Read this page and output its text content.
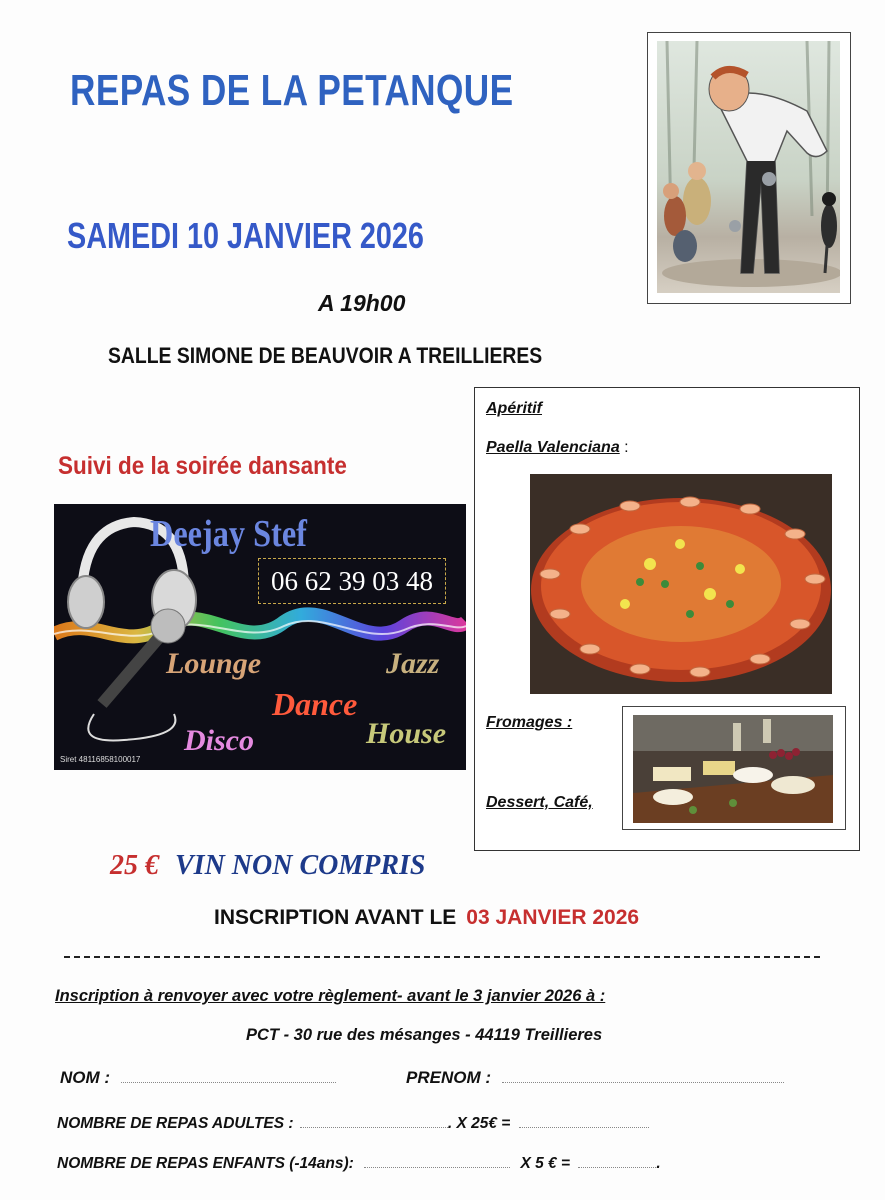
REPAS DE LA PETANQUE
SAMEDI 10 JANVIER 2026
A 19h00
SALLE SIMONE DE BEAUVOIR A TREILLIERES
Suivi de la soirée dansante
Deejay Stef
06 62 39 03 48
Lounge	Jazz
Dance
Disco	House
Siret 48116858100017
Apéritif
Paella Valenciana :
Fromages :
Dessert, Café,
25 € VIN NON COMPRIS
INSCRIPTION AVANT LE 03 JANVIER 2026
Inscription à renvoyer avec votre règlement- avant le 3 janvier 2026 à :
PCT - 30 rue des mésanges - 44119 Treillieres
NOM :	PRENOM :
NOMBRE DE REPAS ADULTES :	. X 25€ =
NOMBRE DE REPAS ENFANTS (-14ans):	X 5 € =	.
